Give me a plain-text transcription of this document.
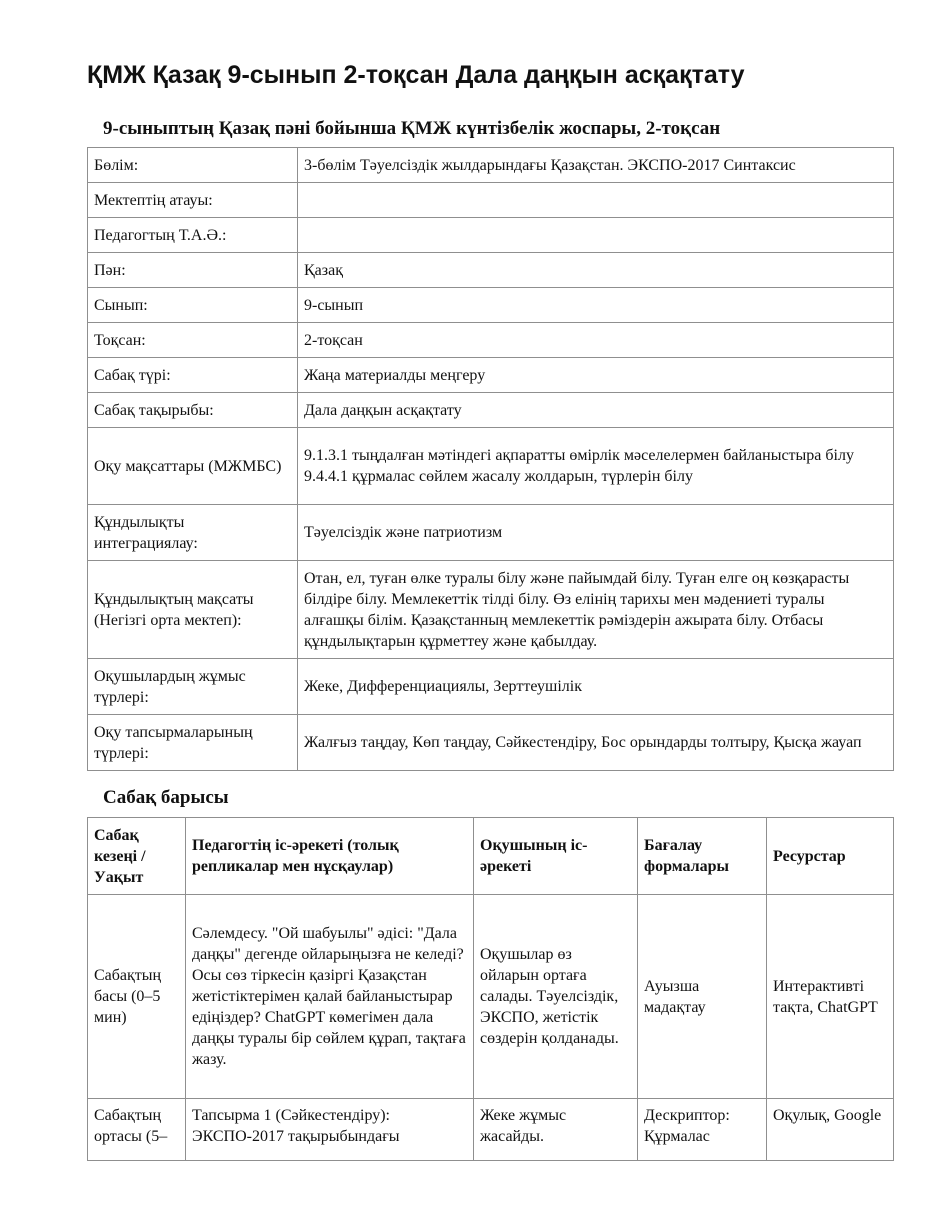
ҚМЖ Қазақ 9-сынып 2-тоқсан Дала даңқын асқақтату
9-сыныптың Қазақ пәні бойынша ҚМЖ күнтізбелік жоспары, 2-тоқсан
Бөлім:	3-бөлім Тәуелсіздік жылдарындағы Қазақстан. ЭКСПО-2017 Синтаксис
Мектептің атауы:	
Педагогтың Т.А.Ә.:	
Пән:	Қазақ
Сынып:	9-сынып
Тоқсан:	2-тоқсан
Сабақ түрі:	Жаңа материалды меңгеру
Сабақ тақырыбы:	Дала даңқын асқақтату
Оқу мақсаттары (МЖМБС)	9.1.3.1 тыңдалған мәтіндегі ақпаратты өмірлік мәселелермен байланыстыра білу 9.4.4.1 құрмалас сөйлем жасалу жолдарын, түрлерін білу
Құндылықты интеграциялау:	Тәуелсіздік және патриотизм
Құндылықтың мақсаты (Негізгі орта мектеп):	Отан, ел, туған өлке туралы білу және пайымдай білу. Туған елге оң көзқарасты білдіре білу. Мемлекеттік тілді білу. Өз елінің тарихы мен мәдениеті туралы алғашқы білім. Қазақстанның мемлекеттік рәміздерін ажырата білу. Отбасы құндылықтарын құрметтеу және қабылдау.
Оқушылардың жұмыс түрлері:	Жеке, Дифференциациялы, Зерттеушілік
Оқу тапсырмаларының түрлері:	Жалғыз таңдау, Көп таңдау, Сәйкестендіру, Бос орындарды толтыру, Қысқа жауап
Сабақ барысы
Сабақ кезеңі / Уақыт	Педагогтің іс-әрекеті (толық репликалар мен нұсқаулар)	Оқушының іс-әрекеті	Бағалау формалары	Ресурстар
Сабақтың басы (0–5 мин)	Сәлемдесу. "Ой шабуылы" әдісі: "Дала даңқы" дегенде ойларыңызға не келеді? Осы сөз тіркесін қазіргі Қазақстан жетістіктерімен қалай байланыстырар едіңіздер? ChatGPT көмегімен дала даңқы туралы бір сөйлем құрап, тақтаға жазу.	Оқушылар өз ойларын ортаға салады. Тәуелсіздік, ЭКСПО, жетістік сөздерін қолданады.	Ауызша мадақтау	Интерактивті тақта, ChatGPT
Сабақтың ортасы (5–	Тапсырма 1 (Сәйкестендіру): ЭКСПО-2017 тақырыбындағы	Жеке жұмыс жасайды.	Дескриптор: Құрмалас	Оқулық, Google
